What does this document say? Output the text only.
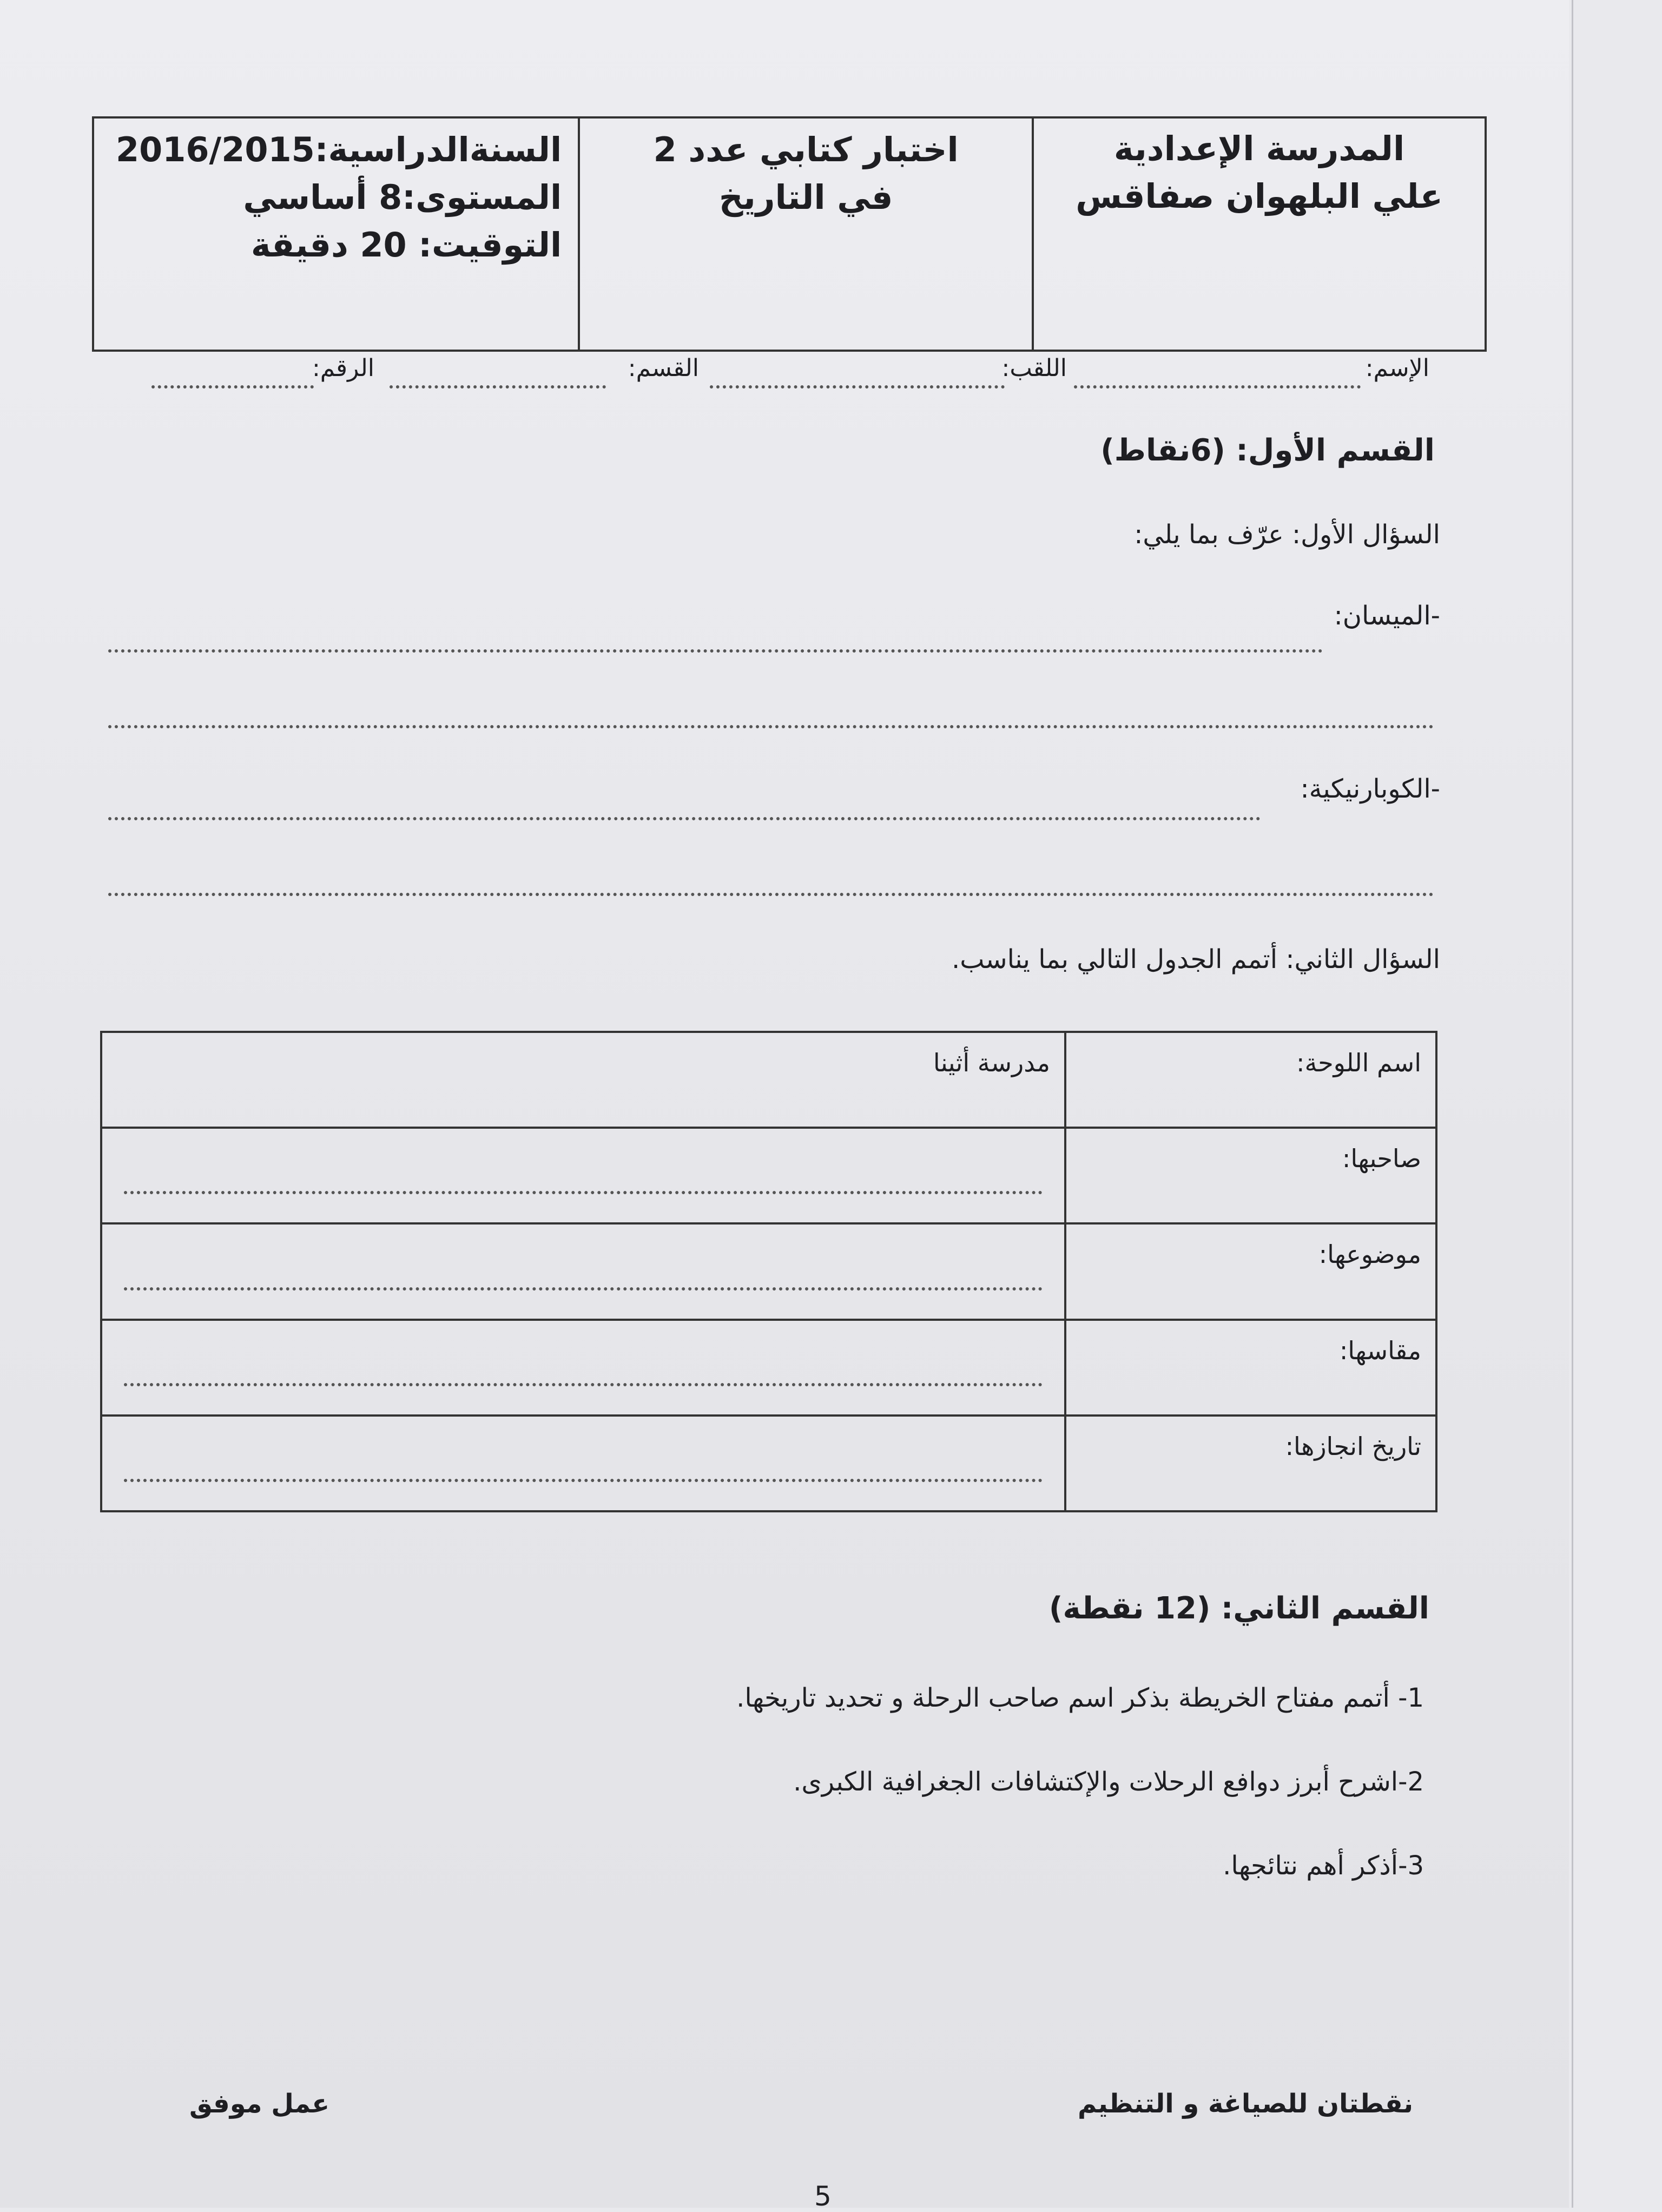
المدرسة الإعدادية
علي البلهوان صفاقس
اختبار كتابي عدد 2
في التاريخ
السنةالدراسية:2016/2015
المستوى:8 أساسي
التوقيت: 20 دقيقة
الإسم:
اللقب:
القسم:
الرقم:
القسم الأول: (6نقاط)
السؤال الأول: عرّف بما يلي:
-الميسان:
-الكوبارنيكية:
السؤال الثاني: أتمم الجدول التالي بما يناسب.
اسم اللوحة:	مدرسة أثينا
صاحبها:	

موضوعها:	

مقاسها:	

تاريخ انجازها:	
القسم الثاني: (12 نقطة)
1- أتمم مفتاح الخريطة بذكر اسم صاحب الرحلة و تحديد تاريخها.
2-اشرح أبرز دوافع الرحلات والإكتشافات الجغرافية الكبرى.
3-أذكر أهم نتائجها.
نقطتان للصياغة و التنظيم
عمل موفق
5
